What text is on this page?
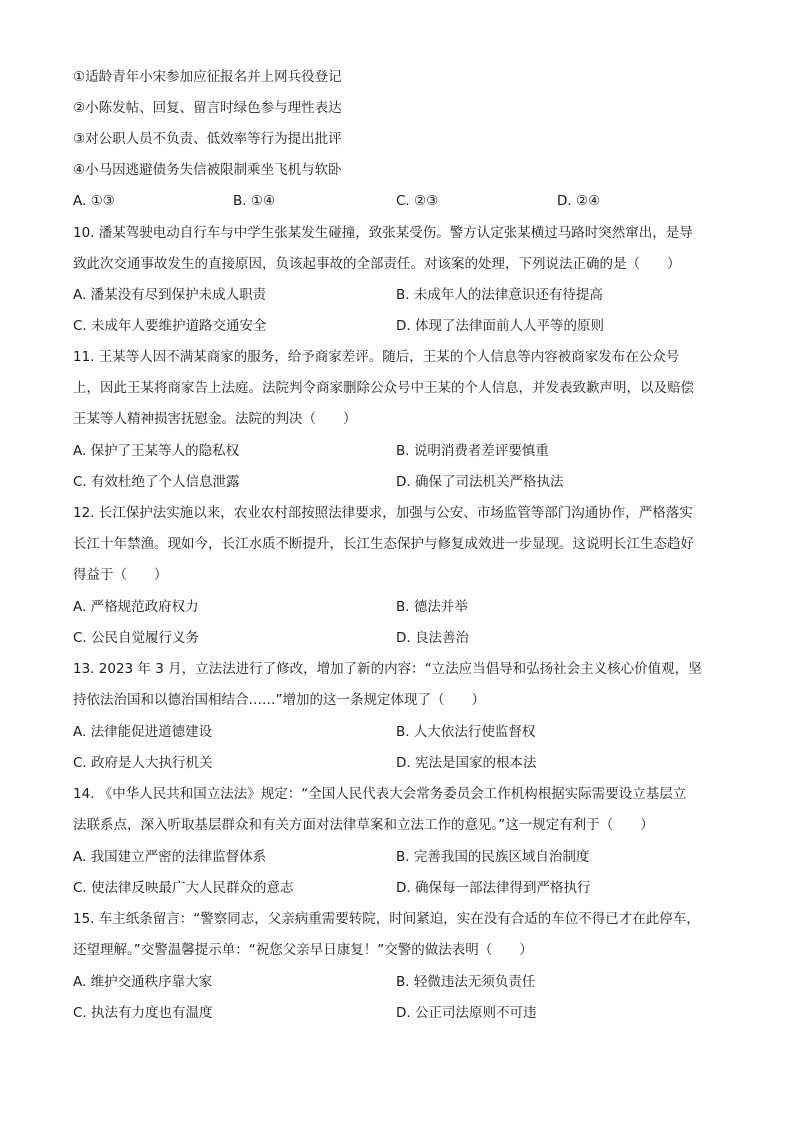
①适龄青年小宋参加应征报名并上网兵役登记
②小陈发帖、回复、留言时绿色参与理性表达
③对公职人员不负责、低效率等行为提出批评
④小马因逃避债务失信被限制乘坐飞机与软卧
A. ①③	B. ①④	C. ②③	D. ②④
10. 潘某驾驶电动自行车与中学生张某发生碰撞，致张某受伤。警方认定张某横过马路时突然窜出，是导
致此次交通事故发生的直接原因，负该起事故的全部责任。对该案的处理，下列说法正确的是（　　）
A. 潘某没有尽到保护未成人职责	B. 未成年人的法律意识还有待提高
C. 未成年人要维护道路交通安全	D. 体现了法律面前人人平等的原则
11. 王某等人因不满某商家的服务，给予商家差评。随后，王某的个人信息等内容被商家发布在公众号
上，因此王某将商家告上法庭。法院判令商家删除公众号中王某的个人信息，并发表致歉声明，以及赔偿
王某等人精神损害抚慰金。法院的判决（　　）
A. 保护了王某等人的隐私权	B. 说明消费者差评要慎重
C. 有效杜绝了个人信息泄露	D. 确保了司法机关严格执法
12. 长江保护法实施以来，农业农村部按照法律要求，加强与公安、市场监管等部门沟通协作，严格落实
长江十年禁渔。现如今，长江水质不断提升，长江生态保护与修复成效进一步显现。这说明长江生态趋好
得益于（　　）
A. 严格规范政府权力	B. 德法并举
C. 公民自觉履行义务	D. 良法善治
13. 2023 年 3 月，立法法进行了修改，增加了新的内容：“立法应当倡导和弘扬社会主义核心价值观，坚
持依法治国和以德治国相结合……”增加的这一条规定体现了（　　）
A. 法律能促进道德建设	B. 人大依法行使监督权
C. 政府是人大执行机关	D. 宪法是国家的根本法
14. 《中华人民共和国立法法》规定：“全国人民代表大会常务委员会工作机构根据实际需要设立基层立
法联系点，深入听取基层群众和有关方面对法律草案和立法工作的意见。”这一规定有利于（　　）
A. 我国建立严密的法律监督体系	B. 完善我国的民族区域自治制度
C. 使法律反映最广大人民群众的意志	D. 确保每一部法律得到严格执行
15. 车主纸条留言：“警察同志，父亲病重需要转院，时间紧迫，实在没有合适的车位不得已才在此停车，
还望理解。”交警温馨提示单：“祝您父亲早日康复！”交警的做法表明（　　）
A. 维护交通秩序靠大家	B. 轻微违法无须负责任
C. 执法有力度也有温度	D. 公正司法原则不可违
